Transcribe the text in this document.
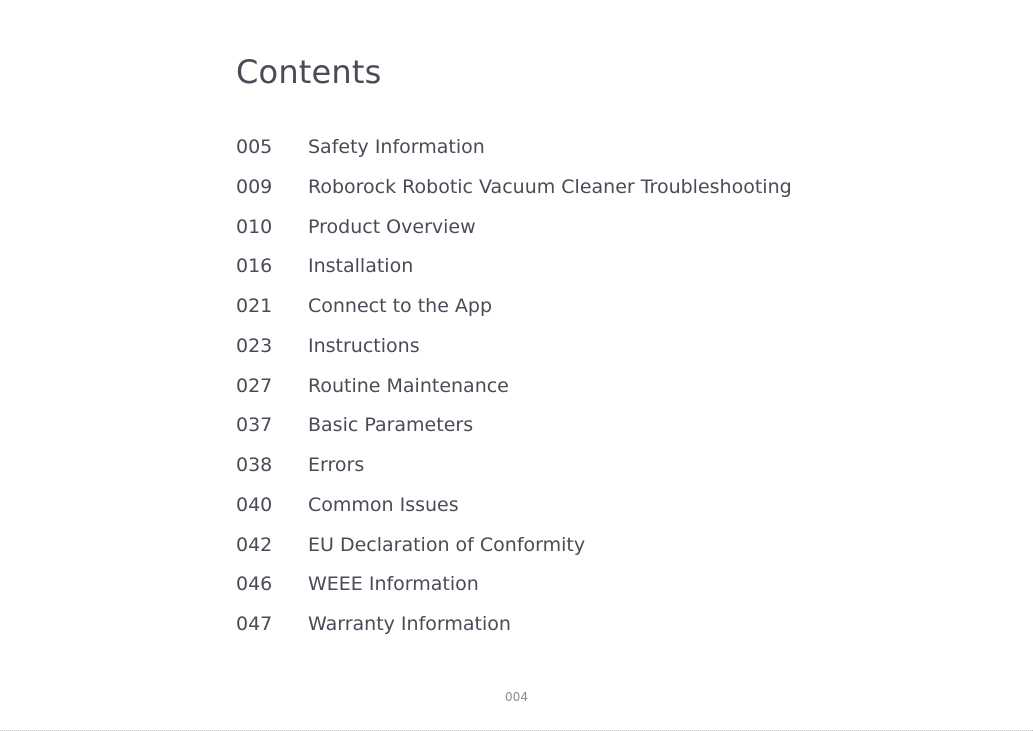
Contents
005	Safety Information
009	Roborock Robotic Vacuum Cleaner Troubleshooting
010	Product Overview
016	Installation
021	Connect to the App
023	Instructions
027	Routine Maintenance
037	Basic Parameters
038	Errors
040	Common Issues
042	EU Declaration of Conformity
046	WEEE Information
047	Warranty Information
004
